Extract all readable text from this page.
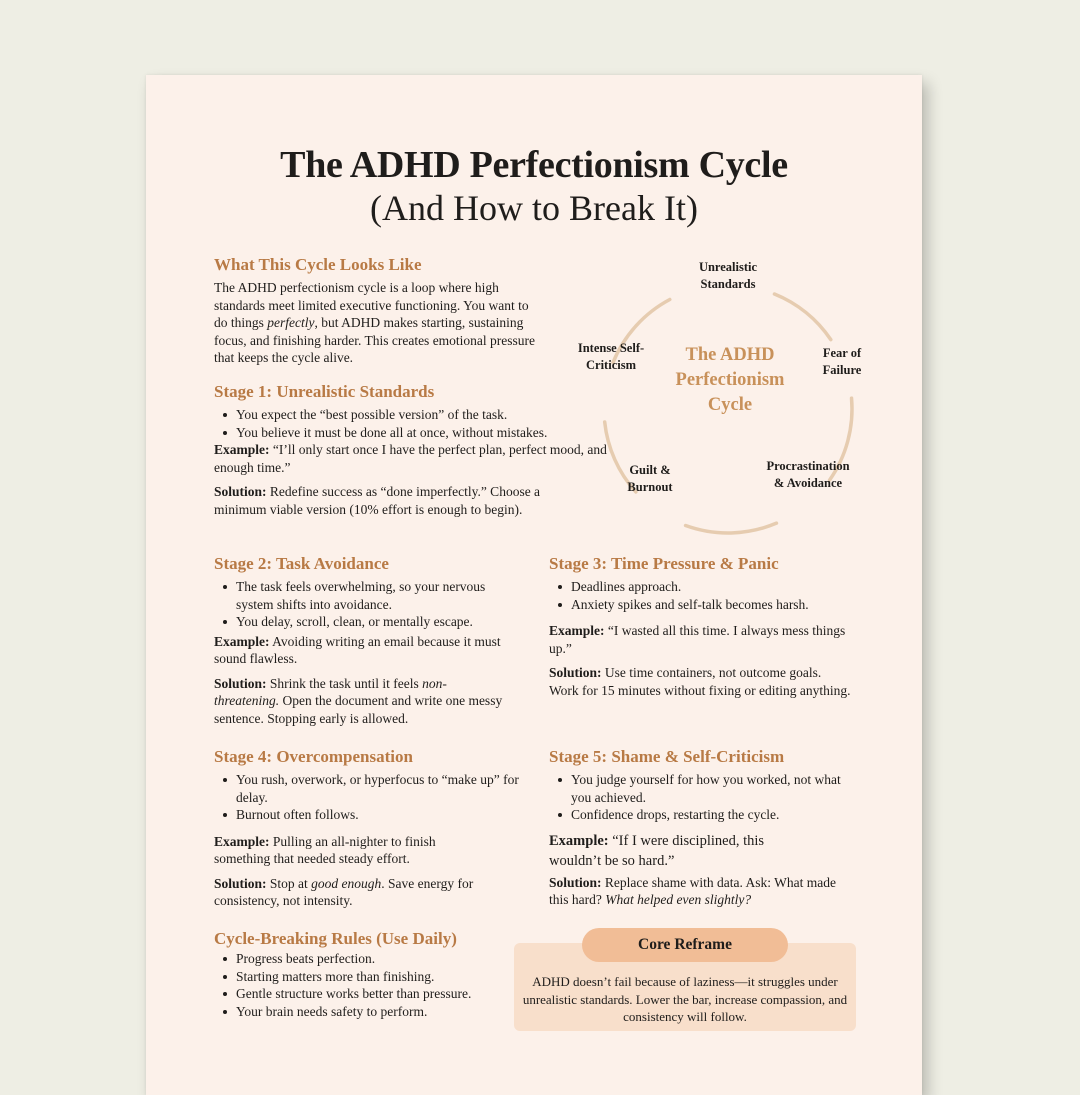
The ADHD Perfectionism Cycle
(And How to Break It)
What This Cycle Looks Like
The ADHD perfectionism cycle is a loop where high standards meet limited executive functioning. You want to do things perfectly, but ADHD makes starting, sustaining focus, and finishing harder. This creates emotional pressure that keeps the cycle alive.
Stage 1: Unrealistic Standards
You expect the “best possible version” of the task.
You believe it must be done all at once, without mistakes.
Example: “I’ll only start once I have the perfect plan, perfect mood, and enough time.”
Solution: Redefine success as “done imperfectly.” Choose a minimum viable version (10% effort is enough to begin).
Unrealistic
Standards
Fear of
Failure
Procrastination
& Avoidance
Guilt &
Burnout
Intense Self-
Criticism	The ADHD
Perfectionism
Cycle
Stage 2: Task Avoidance
The task feels overwhelming, so your nervous system shifts into avoidance.
You delay, scroll, clean, or mentally escape.
Example: Avoiding writing an email because it must sound flawless.
Solution: Shrink the task until it feels non-threatening. Open the document and write one messy sentence. Stopping early is allowed.
Stage 3: Time Pressure & Panic
Deadlines approach.
Anxiety spikes and self-talk becomes harsh.
Example: “I wasted all this time. I always mess things up.”
Solution: Use time containers, not outcome goals. Work for 15 minutes without fixing or editing anything.
Stage 4: Overcompensation
You rush, overwork, or hyperfocus to “make up” for delay.
Burnout often follows.
Example: Pulling an all-nighter to finish something that needed steady effort.
Solution: Stop at good enough. Save energy for consistency, not intensity.
Stage 5: Shame & Self-Criticism
You judge yourself for how you worked, not what you achieved.
Confidence drops, restarting the cycle.
Example: “If I were disciplined, this wouldn’t be so hard.”
Solution: Replace shame with data. Ask: What made this hard? What helped even slightly?
Cycle-Breaking Rules (Use Daily)
Progress beats perfection.
Starting matters more than finishing.
Gentle structure works better than pressure.
Your brain needs safety to perform.
Core Reframe
ADHD doesn’t fail because of laziness—it struggles under unrealistic standards. Lower the bar, increase compassion, and consistency will follow.
